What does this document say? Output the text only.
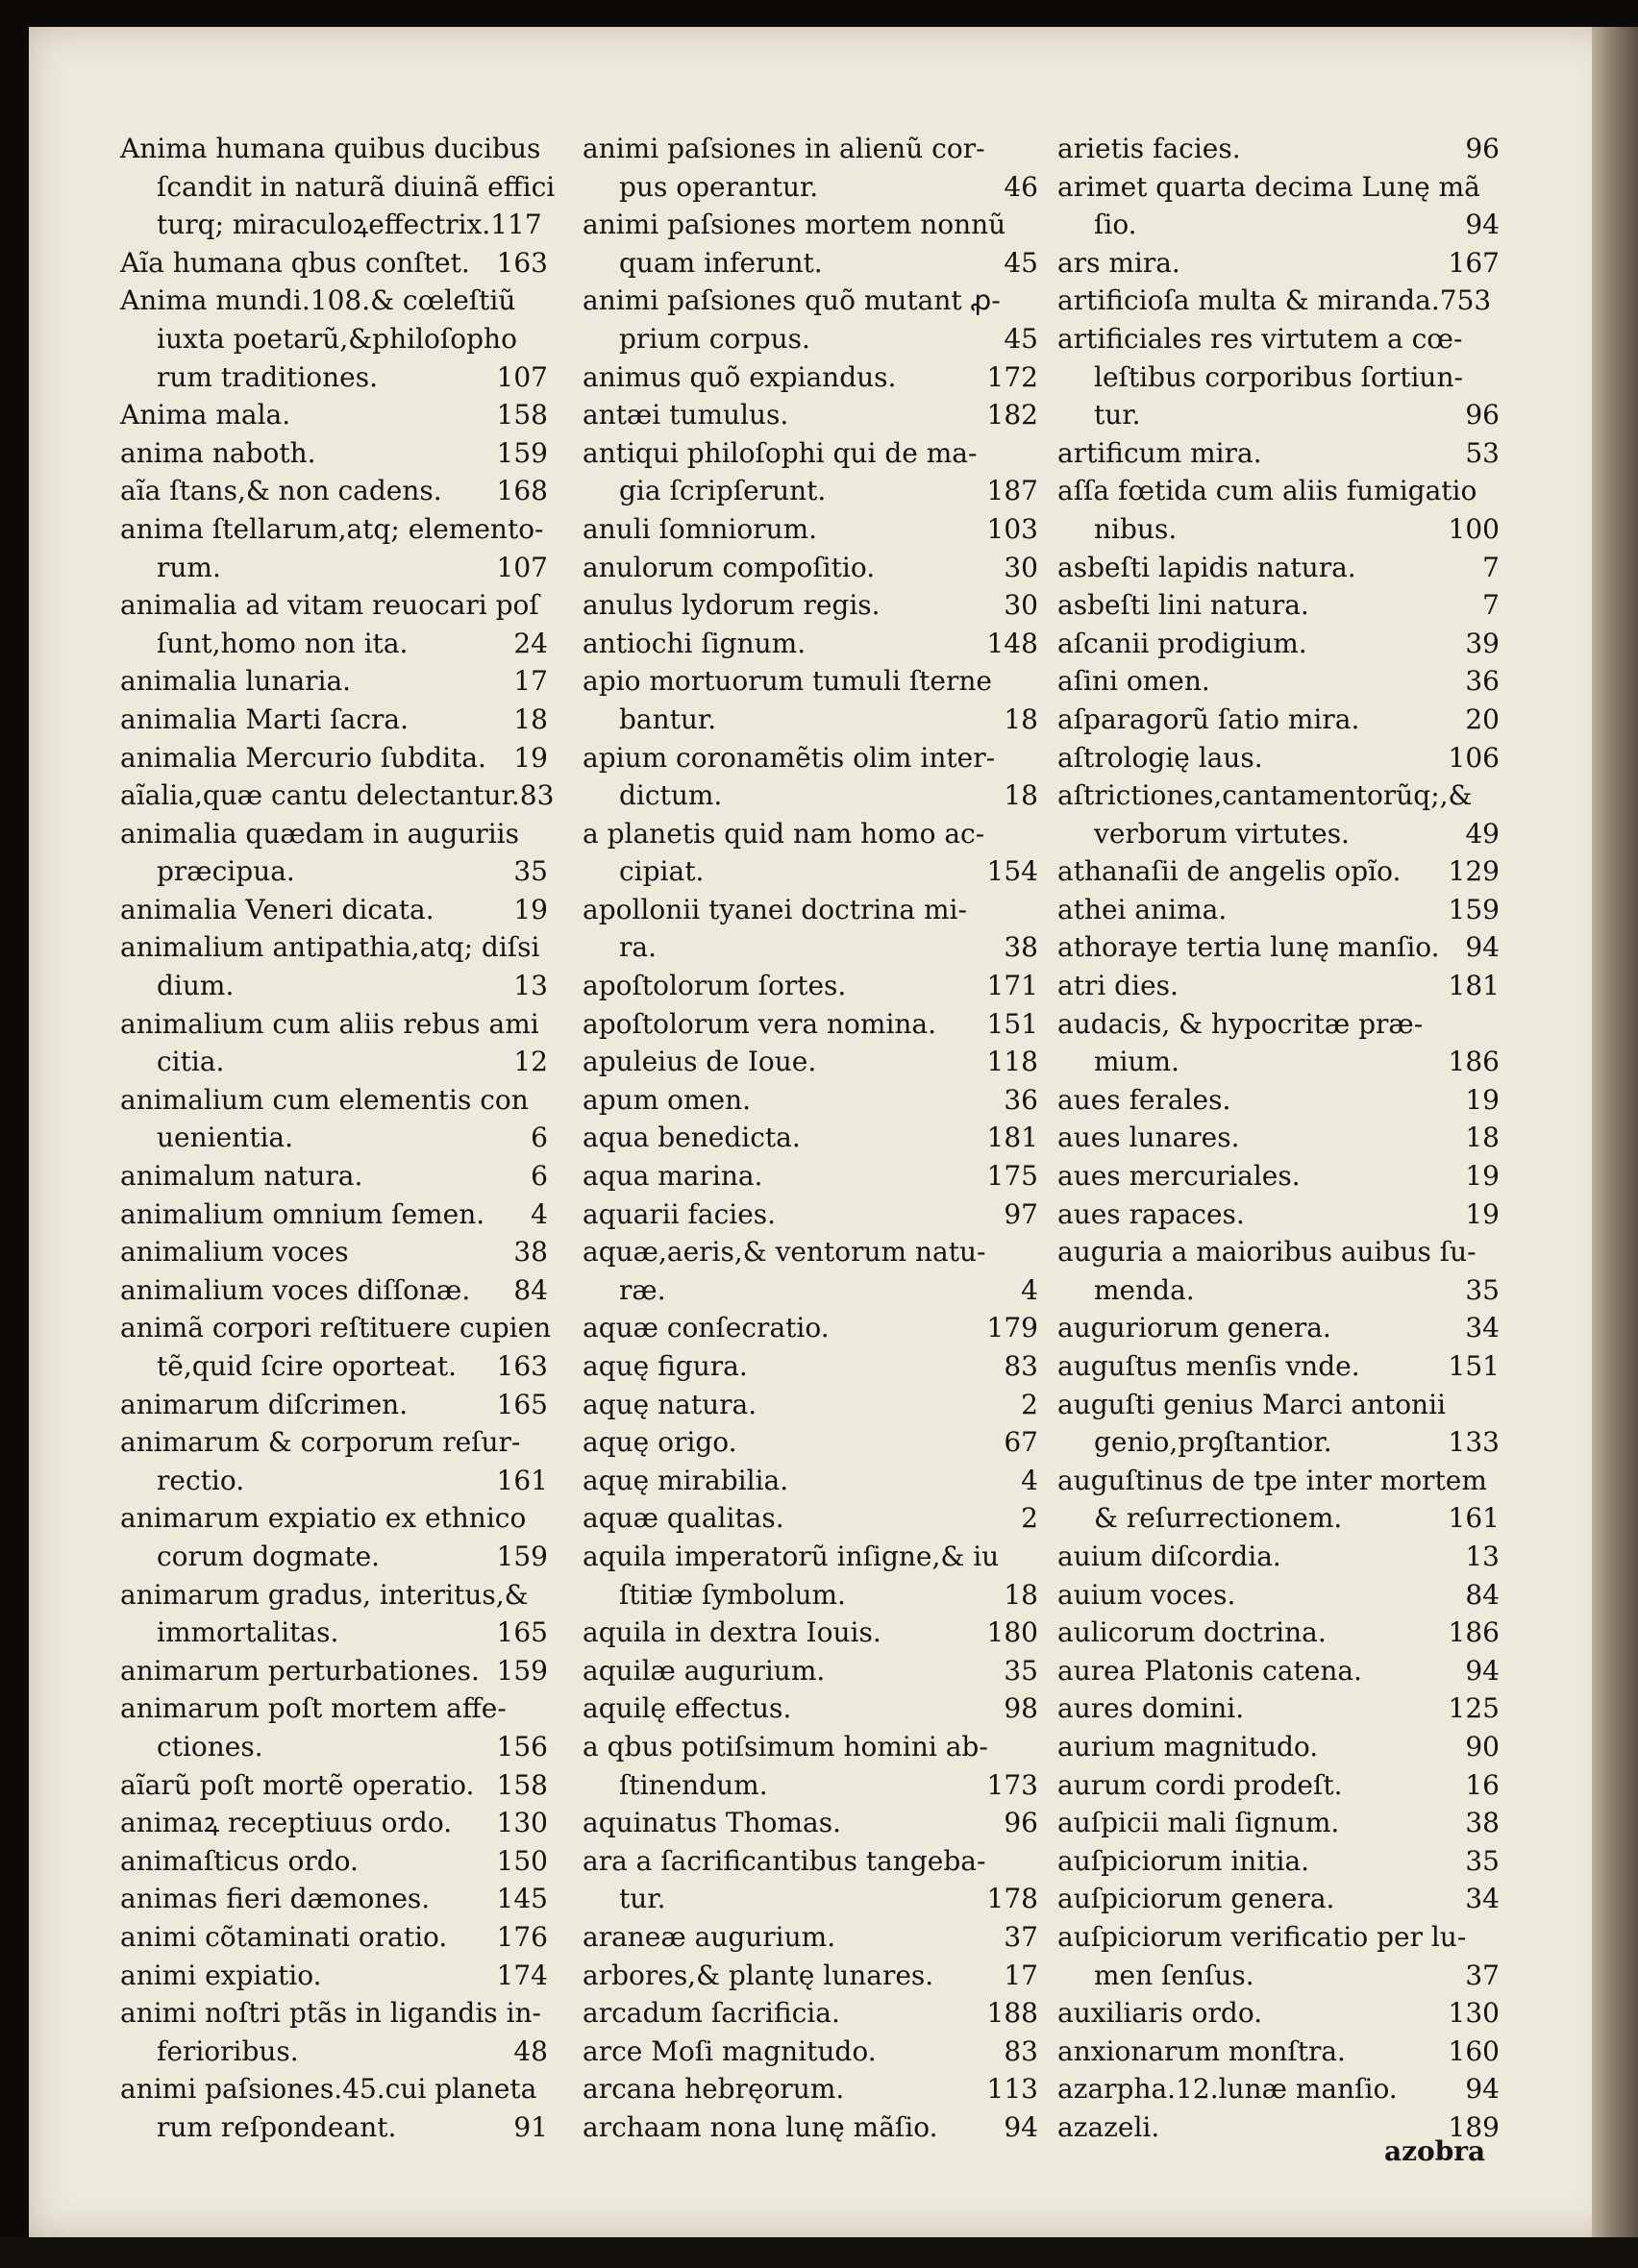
Anima humana quibus ducibus
ſcandit in naturã diuinã effici
turq; miraculoꝝeffectrix.117
163
Aĩa humana qbus conſtet.
Anima mundi.108.& cœleſtiũ
iuxta poetarũ,&philoſopho
107
rum traditiones.
158
Anima mala.
159
anima naboth.
168
aĩa ſtans,& non cadens.
anima ſtellarum,atq; elemento-
107
rum.
animalia ad vitam reuocari poſ
24
ſunt,homo non ita.
17
animalia lunaria.
18
animalia Marti ſacra.
19
animalia Mercurio ſubdita.
aĩalia,quæ cantu delectantur.83
animalia quædam in auguriis
35
præcipua.
19
animalia Veneri dicata.
animalium antipathia,atq; diſsi
13
dium.
animalium cum aliis rebus ami
12
citia.
animalium cum elementis con
6
uenientia.
6
animalum natura.
4
animalium omnium ſemen.
38
animalium voces
84
animalium voces diſſonæ.
animã corpori reſtituere cupien
163
tẽ,quid ſcire oporteat.
165
animarum diſcrimen.
animarum & corporum reſur-
161
rectio.
animarum expiatio ex ethnico
159
corum dogmate.
animarum gradus, interitus,&
165
immortalitas.
159
animarum perturbationes.
animarum poſt mortem affe-
156
ctiones.
158
aĩarũ poſt mortẽ operatio.
130
animaꝝ receptiuus ordo.
150
animaſticus ordo.
145
animas fieri dæmones.
176
animi cõtaminati oratio.
174
animi expiatio.
animi noſtri ptãs in ligandis in-
48
ferioribus.
animi paſsiones.45.cui planeta
91
rum reſpondeant.
animi paſsiones in alienũ cor-
46
pus operantur.
animi paſsiones mortem nonnũ
45
quam inferunt.
animi paſsiones quõ mutant ꝓ-
45
prium corpus.
172
animus quõ expiandus.
182
antæi tumulus.
antiqui philoſophi qui de ma-
187
gia ſcripſerunt.
103
anuli ſomniorum.
30
anulorum compoſitio.
30
anulus lydorum regis.
148
antiochi ſignum.
apio mortuorum tumuli ſterne
18
bantur.
apium coronamẽtis olim inter-
18
dictum.
a planetis quid nam homo ac-
154
cipiat.
apollonii tyanei doctrina mi-
38
ra.
171
apoſtolorum ſortes.
151
apoſtolorum vera nomina.
118
apuleius de Ioue.
36
apum omen.
181
aqua benedicta.
175
aqua marina.
97
aquarii facies.
aquæ,aeris,& ventorum natu-
4
ræ.
179
aquæ conſecratio.
83
aquę figura.
2
aquę natura.
67
aquę origo.
4
aquę mirabilia.
2
aquæ qualitas.
aquila imperatorũ inſigne,& iu
18
ſtitiæ ſymbolum.
180
aquila in dextra Iouis.
35
aquilæ augurium.
98
aquilę effectus.
a qbus potiſsimum homini ab-
173
ſtinendum.
96
aquinatus Thomas.
ara a ſacrificantibus tangeba-
178
tur.
37
araneæ augurium.
17
arbores,& plantę lunares.
188
arcadum ſacrificia.
83
arce Moſi magnitudo.
113
arcana hebręorum.
94
archaam nona lunę mãſio.
96
arietis facies.
arimet quarta decima Lunę mã
94
ſio.
167
ars mira.
artificioſa multa & miranda.753
artificiales res virtutem a cœ-
leſtibus corporibus ſortiun-
96
tur.
53
artificum mira.
aſſa fœtida cum aliis fumigatio
100
nibus.
7
asbeſti lapidis natura.
7
asbeſti lini natura.
39
aſcanii prodigium.
36
aſini omen.
20
aſparagorũ ſatio mira.
106
aſtrologię laus.
aſtrictiones,cantamentorũq;,&
49
verborum virtutes.
129
athanaſii de angelis opĩo.
159
athei anima.
94
athoraye tertia lunę manſio.
181
atri dies.
audacis, & hypocritæ præ-
186
mium.
19
aues ferales.
18
aues lunares.
19
aues mercuriales.
19
aues rapaces.
auguria a maioribus auibus ſu-
35
menda.
34
auguriorum genera.
151
auguſtus menſis vnde.
auguſti genius Marci antonii
133
genio,prꝯſtantior.
auguſtinus de tpe inter mortem
161
& reſurrectionem.
13
auium diſcordia.
84
auium voces.
186
aulicorum doctrina.
94
aurea Platonis catena.
125
aures domini.
90
aurium magnitudo.
16
aurum cordi prodeſt.
38
auſpicii mali ſignum.
35
auſpiciorum initia.
34
auſpiciorum genera.
auſpiciorum verificatio per lu-
37
men ſenſus.
130
auxiliaris ordo.
160
anxionarum monſtra.
94
azarpha.12.lunæ manſio.
189
azazeli.
azobra
